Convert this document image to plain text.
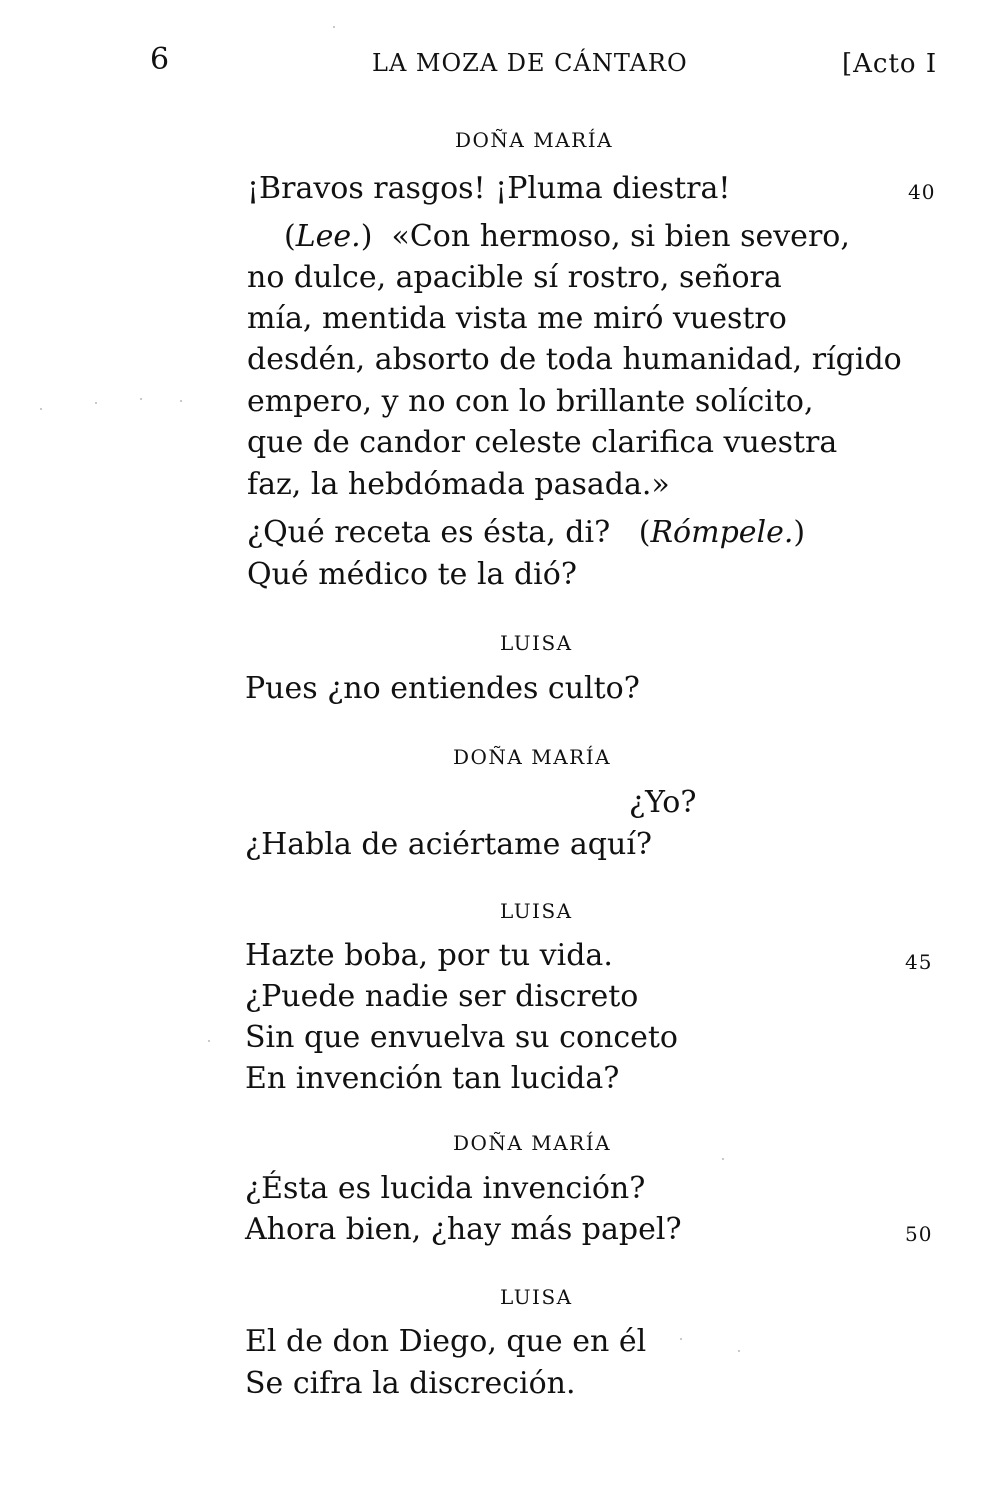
6	LA MOZA DE CÁNTARO	[Acto I
DOÑA MARÍA
¡Bravos rasgos! ¡Pluma diestra!	40
(Lee.)  «Con hermoso, si bien severo,
no dulce, apacible sí rostro, señora
mía, mentida vista me miró vuestro
desdén, absorto de toda humanidad, rígido
empero, y no con lo brillante solícito,
que de candor celeste clarifica vuestra
faz, la hebdómada pasada.»
¿Qué receta es ésta, di?   (Rómpele.)
Qué médico te la dió?
LUISA
Pues ¿no entiendes culto?
DOÑA MARÍA
¿Yo?
¿Habla de aciértame aquí?
LUISA
Hazte boba, por tu vida.	45
¿Puede nadie ser discreto
Sin que envuelva su conceto
En invención tan lucida?
DOÑA MARÍA
¿Ésta es lucida invención?
Ahora bien, ¿hay más papel?	50
LUISA
El de don Diego, que en él
Se cifra la discreción.
